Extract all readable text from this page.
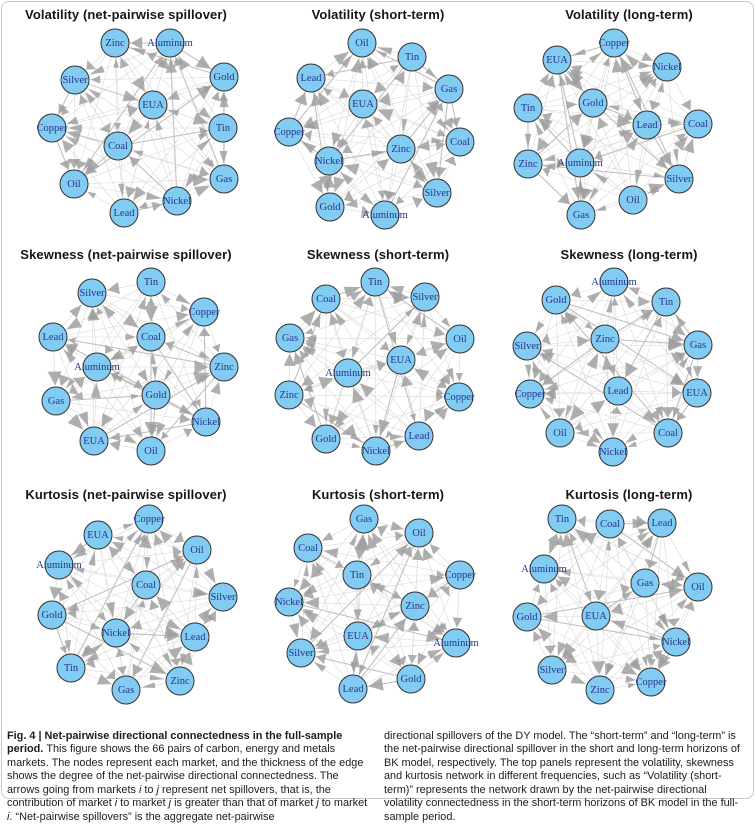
Zinc Aluminum
Silver	Gold
EUA
Copper	Tin
Coal
Oil	Gas
Nickel
Lead
Volatility (net-pairwise spillover)
Oil
Tin
Lead
Gas
EUA
Copper
Coal
Zinc
Nickel
Silver
Gold
Aluminum
Volatility (short-term)
Copper
EUA
Nickel
Gold
Tin
Coal
Lead
Aluminum
Zinc
Silver
Oil
Gas
Volatility (long-term)
Tin
Silver
Copper
Lead	Coal
Aluminum	Zinc
Gold
Gas
Nickel
EUA
Oil
Skewness (net-pairwise spillover)
Tin
Coal	Silver
Gas	Oil
EUA
Aluminum
Zinc	Copper
Lead
Gold
Nickel
Skewness (short-term)
Aluminum
Gold	Tin
Zinc
Silver	Gas
Copper	Lead	EUA
Oil	Coal
Nickel
Skewness (long-term)
Copper
EUA
Oil
Aluminum
Coal
Silver
Gold
Nickel	Lead
Tin
Zinc
Gas
Kurtosis (net-pairwise spillover)
Gas
Oil
Coal
Tin	Copper
Nickel	Zinc
EUA
Aluminum
Silver
Gold
Lead
Kurtosis (short-term)
Tin	Coal	Lead
Aluminum
Gas	Oil
Gold	EUA
Nickel
Silver
Copper
Zinc
Kurtosis (long-term)

Fig. 4 | Net-pairwise directional connectedness in the full-sample period. This figure shows the 66 pairs of carbon, energy and metals markets. The nodes represent each market, and the thickness of the edge shows the degree of the net-pairwise directional connectedness. The arrows going from markets i to j represent net spillovers, that is, the contribution of market i to market j is greater than that of market j to market i. “Net-pairwise spillovers” is the aggregate net-pairwise

directional spillovers of the DY model. The “short-term” and “long-term” is the net-pairwise directional spillover in the short and long-term horizons of BK model, respectively. The top panels represent the volatility, skewness and kurtosis network in different frequencies, such as “Volatility (short-term)” represents the network drawn by the net-pairwise directional volatility connectedness in the short-term horizons of BK model in the full-sample period.
